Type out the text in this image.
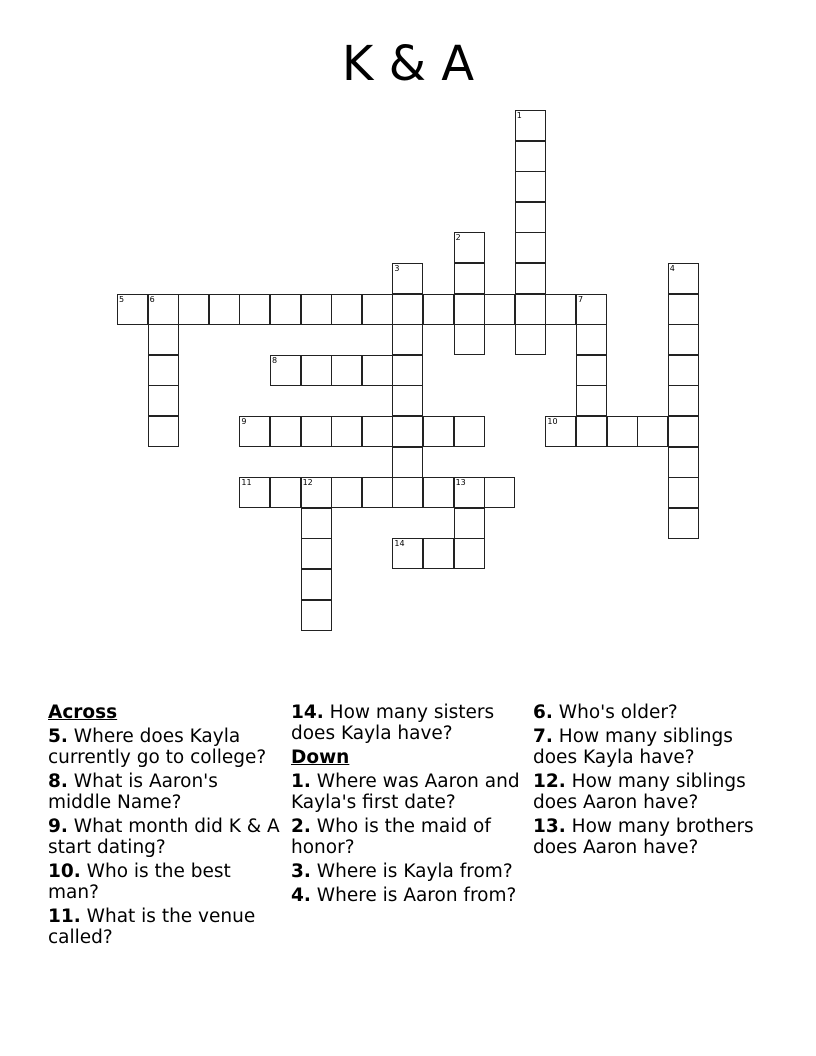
K & A
1
2
3	4
5	6	7
8
9	10
11	12	13
14
Across
5. Where does Kayla currently go to college?
8. What is Aaron's middle Name?
9. What month did K & A start dating?
10. Who is the best man?
11. What is the venue called?
14. How many sisters does Kayla have?
Down
1. Where was Aaron and Kayla's first date?
2. Who is the maid of honor?
3. Where is Kayla from?
4. Where is Aaron from?
6. Who's older?
7. How many siblings does Kayla have?
12. How many siblings does Aaron have?
13. How many brothers does Aaron have?
